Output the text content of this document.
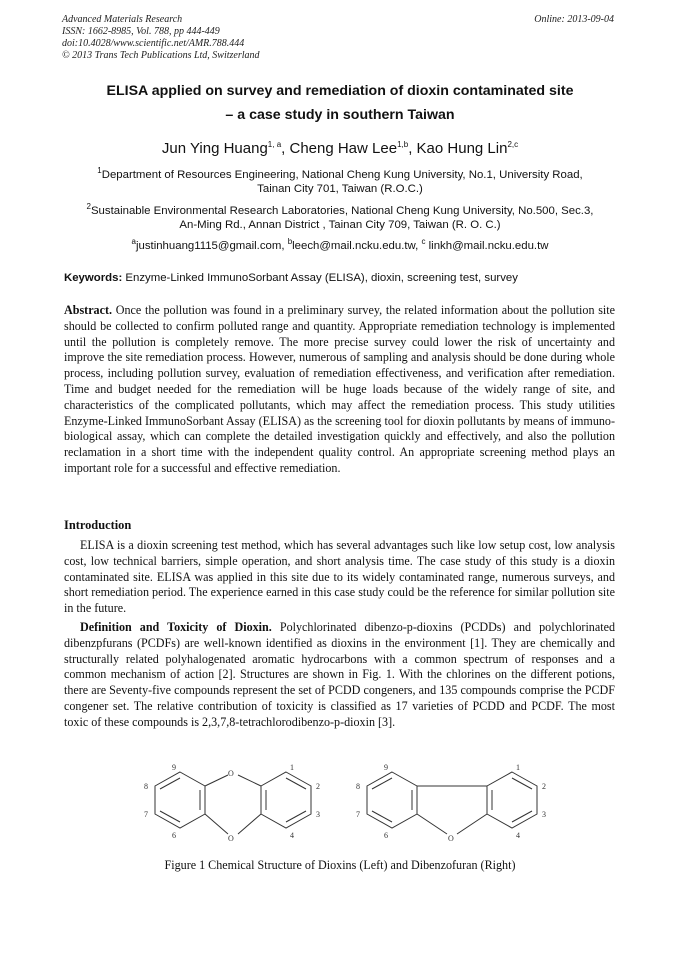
Advanced Materials Research
ISSN: 1662-8985, Vol. 788, pp 444-449
doi:10.4028/www.scientific.net/AMR.788.444
© 2013 Trans Tech Publications Ltd, Switzerland
Online: 2013-09-04
ELISA applied on survey and remediation of dioxin contaminated site
– a case study in southern Taiwan
Jun Ying Huang$^{1, a}$, Cheng Haw Lee$^{1,b}$, Kao Hung Lin$^{2,c}$
$^1$Department of Resources Engineering, National Cheng Kung University, No.1, University Road,
Tainan City 701, Taiwan (R.O.C.)
$^2$Sustainable Environmental Research Laboratories, National Cheng Kung University, No.500, Sec.3,
An-Ming Rd., Annan District , Tainan City 709, Taiwan (R. O. C.)
$^a$justinhuang1115@gmail.com, $^b$leech@mail.ncku.edu.tw, $^c$ linkh@mail.ncku.edu.tw
Keywords: Enzyme-Linked ImmunoSorbant Assay (ELISA), dioxin, screening test, survey
Abstract. Once the pollution was found in a preliminary survey, the related information about the pollution site should be collected to confirm polluted range and quantity. Appropriate remediation technology is implemented until the pollution is completely remove. The more precise survey could lower the risk of uncertainty and improve the site remediation process. However, numerous of sampling and analysis should be done during whole process, including pollution survey, evaluation of remediation effectiveness, and verification after remediation. Time and budget needed for the remediation will be huge loads because of the widely range of site, and characteristics of the complicated pollutants, which may affect the remediation process. This study utilities Enzyme-Linked ImmunoSorbant Assay (ELISA) as the screening tool for dioxin pollutants by means of immuno-biological assay, which can complete the detailed investigation quickly and effectively, and also the pollution reclamation in a short time with the independent quality control. An appropriate screening method plays an important role for a successful and effective remediation.
Introduction
ELISA is a dioxin screening test method, which has several advantages such like low setup cost, low analysis cost, low technical barriers, simple operation, and short analysis time. The case study of this study is a dioxin contaminated site. ELISA was applied in this site due to its widely contaminated range, numerous surveys, and short remediation period. The experience earned in this case study could be the reference for similar pollution site in the future.
Definition and Toxicity of Dioxin. Polychlorinated dibenzo-p-dioxins (PCDDs) and polychlorinated dibenzpfurans (PCDFs) are well-known identified as dioxins in the environment [1]. They are chemically and structurally related polyhalogenated aromatic hydrocarbons with a common spectrum of responses and a common mechanism of action [2]. Structures are shown in Fig. 1. With the chlorines on the different potions, there are Seventy-five compounds represent the set of PCDD congeners, and 135 compounds comprise the PCDF congener set. The relative contribution of toxicity is classified as 17 varieties of PCDD and PCDF. The most toxic of these compounds is 2,3,7,8-tetrachlorodibenzo-p-dioxin [3].
O
O
9
8
7
6
1
2
3
4	O
9
8
7
6
1
2
3
4
Figure 1 Chemical Structure of Dioxins (Left) and Dibenzofuran (Right)
